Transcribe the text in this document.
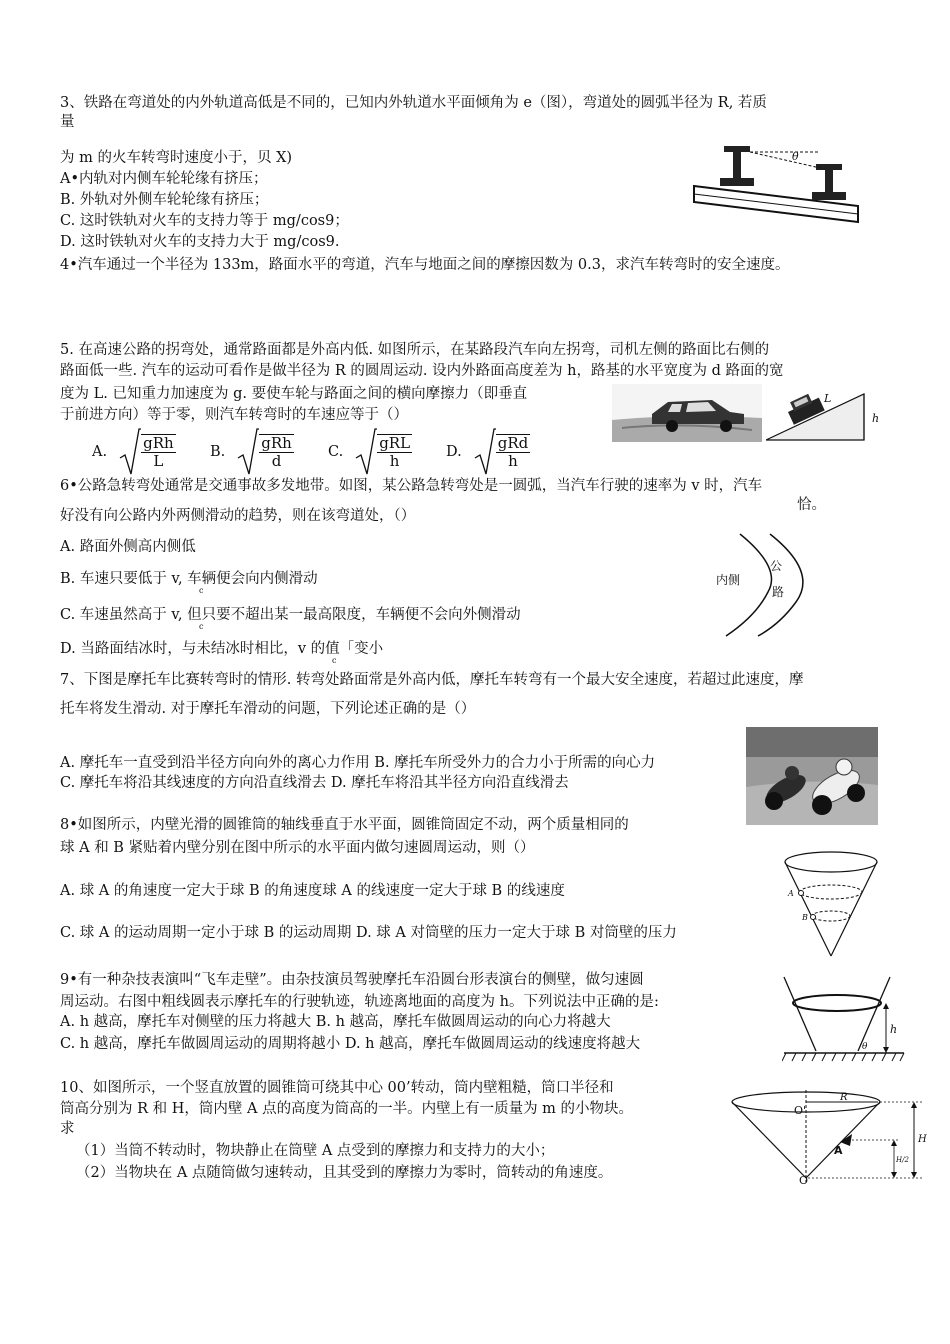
3、铁路在弯道处的内外轨道高低是不同的，已知内外轨道水平面倾角为 e（图），弯道处的圆弧半径为 R, 若质
量
为 m 的火车转弯时速度小于，贝 X)
A•内轨对内侧车轮轮缘有挤压；
B. 外轨对外侧车轮轮缘有挤压；
C. 这时铁轨对火车的支持力等于 mg/cos9；
D. 这时铁轨对火车的支持力大于 mg/cos9.
θ
4•汽车通过一个半径为 133m，路面水平的弯道，汽车与地面之间的摩擦因数为 0.3，求汽车转弯时的安全速度。
5. 在高速公路的拐弯处，通常路面都是外高内低. 如图所示，在某路段汽车向左拐弯，司机左侧的路面比右侧的
路面低一些. 汽车的运动可看作是做半径为 R 的圆周运动. 设内外路面高度差为 h，路基的水平宽度为 d 路面的宽
度为 L. 已知重力加速度为 g. 要使车轮与路面之间的横向摩擦力（即垂直
于前进方向）等于零，则汽车转弯时的车速应等于（）
L
h
A. $\frac{\text{gRh}}{L} B$. $\frac{\text{gRh}}{d} C$. $\frac{\text{gRL}}{h} D$. $\frac{\text{gRd}}{h}$
6•公路急转弯处通常是交通事故多发地带。如图，某公路急转弯处是一圆弧，当汽车行驶的速率为 v 时，汽车
好没有向公路内外两侧滑动的趋势，则在该弯道处，（）
恰。
A. 路面外侧高内侧低
B. 车速只要低于 v, 车辆便会向内侧滑动
c
C. 车速虽然高于 v, 但只要不超出某一最高限度，车辆便不会向外侧滑动
c
D. 当路面结冰时，与未结冰时相比，v 的值「变小
c
内侧
公
路
7、下图是摩托车比赛转弯时的情形. 转弯处路面常是外高内低，摩托车转弯有一个最大安全速度，若超过此速度，摩
托车将发生滑动. 对于摩托车滑动的问题，下列论述正确的是（）
A. 摩托车一直受到沿半径方向向外的离心力作用 B. 摩托车所受外力的合力小于所需的向心力
C. 摩托车将沿其线速度的方向沿直线滑去 D. 摩托车将沿其半径方向沿直线滑去
8•如图所示，内壁光滑的圆锥筒的轴线垂直于水平面，圆锥筒固定不动，两个质量相同的
球 A 和 B 紧贴着内壁分别在图中所示的水平面内做匀速圆周运动，则（）
A. 球 A 的角速度一定大于球 B 的角速度球 A 的线速度一定大于球 B 的线速度
C. 球 A 的运动周期一定小于球 B 的运动周期 D. 球 A 对筒壁的压力一定大于球 B 对筒壁的压力
A
B
9•有一种杂技表演叫“飞车走壁”。由杂技演员驾驶摩托车沿圆台形表演台的侧壁，做匀速圆
周运动。右图中粗线圆表示摩托车的行驶轨迹，轨迹离地面的高度为 h。下列说法中正确的是:
A. h 越高，摩托车对侧壁的压力将越大 B. h 越高，摩托车做圆周运动的向心力将越大
C. h 越高，摩托车做圆周运动的周期将越小 D. h 越高，摩托车做圆周运动的线速度将越大
h
θ
10、如图所示，一个竖直放置的圆锥筒可绕其中心 00’转动，筒内壁粗糙，筒口半径和
筒高分别为 R 和 H，筒内壁 A 点的高度为筒高的一半。内壁上有一质量为 m 的小物块。
求
（1）当筒不转动时，物块静止在筒壁 A 点受到的摩擦力和支持力的大小；
（2）当物块在 A 点随筒做匀速转动，且其受到的摩擦力为零时，筒转动的角速度。
O'
R
H
A
O
H/2
